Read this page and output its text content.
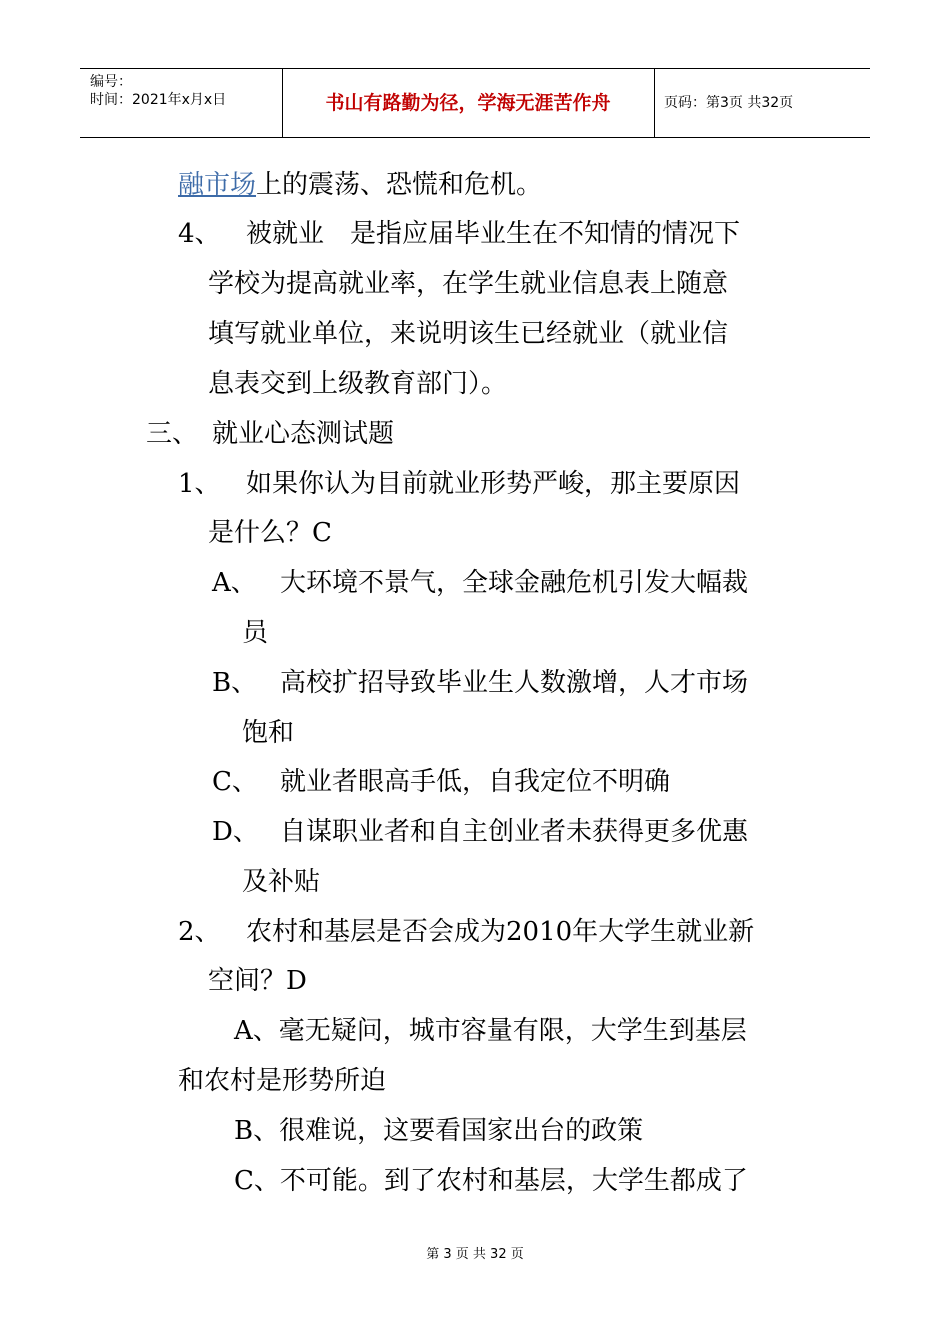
编号：
时间：2021年x月x日	书山有路勤为径，学海无涯苦作舟	页码：第3页 共32页
融市场上的震荡、恐慌和危机。
4、 被就业　是指应届毕业生在不知情的情况下
学校为提高就业率，在学生就业信息表上随意
填写就业单位，来说明该生已经就业（就业信
息表交到上级教育部门）。
三、 就业心态测试题
1、 如果你认为目前就业形势严峻，那主要原因
是什么？C
A、 大环境不景气，全球金融危机引发大幅裁
员
B、 高校扩招导致毕业生人数激增，人才市场
饱和
C、 就业者眼高手低，自我定位不明确
D、 自谋职业者和自主创业者未获得更多优惠
及补贴
2、 农村和基层是否会成为2010年大学生就业新
空间？D
A、毫无疑问，城市容量有限，大学生到基层
和农村是形势所迫
B、很难说，这要看国家出台的政策
C、不可能。到了农村和基层，大学生都成了
第 3 页 共 32 页
